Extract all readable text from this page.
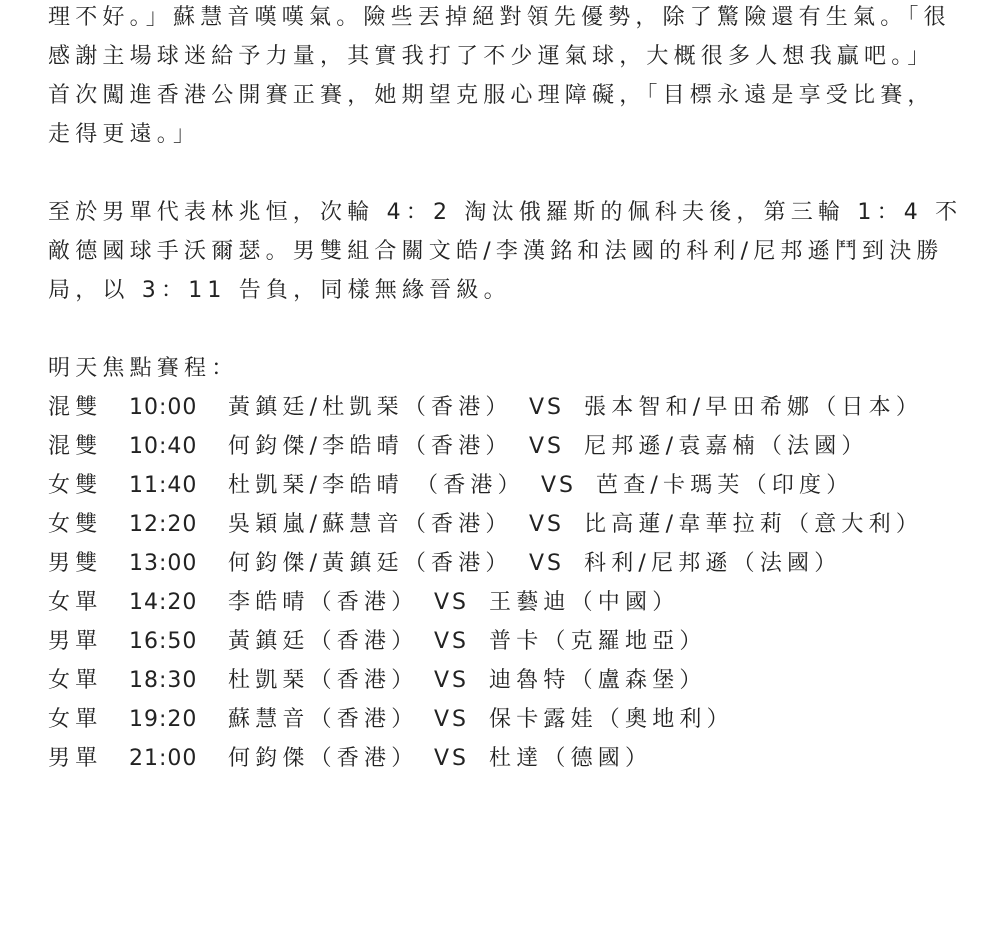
理不好。」蘇慧音嘆嘆氣。險些丟掉絕對領先優勢，除了驚險還有生氣。「很
感謝主場球迷給予力量，其實我打了不少運氣球，大概很多人想我贏吧。」
首次闖進香港公開賽正賽，她期望克服心理障礙，「目標永遠是享受比賽，
走得更遠。」
至於男單代表林兆恒，次輪 4：2 淘汰俄羅斯的佩科夫後，第三輪 1：4 不
敵德國球手沃爾瑟。男雙組合關文皓/李漢銘和法國的科利/尼邦遜鬥到決勝
局，以 3：11 告負，同樣無緣晉級。
明天焦點賽程：
混雙 10:00 黃鎮廷/杜凱琹（香港） VS 張本智和/早田希娜（日本）
混雙 10:40 何鈞傑/李皓晴（香港） VS 尼邦遜/袁嘉楠（法國）
女雙 11:40 杜凱琹/李皓晴 （香港） VS 芭查/卡瑪芙（印度）
女雙 12:20 吳穎嵐/蘇慧音（香港） VS 比高蓮/韋華拉莉（意大利）
男雙 13:00 何鈞傑/黃鎮廷（香港） VS 科利/尼邦遜（法國）
女單 14:20 李皓晴（香港） VS 王藝迪（中國）
男單 16:50 黃鎮廷（香港） VS 普卡（克羅地亞）
女單 18:30 杜凱琹（香港） VS 迪魯特（盧森堡）
女單 19:20 蘇慧音（香港） VS 保卡露娃（奧地利）
男單 21:00 何鈞傑（香港） VS 杜達（德國）
